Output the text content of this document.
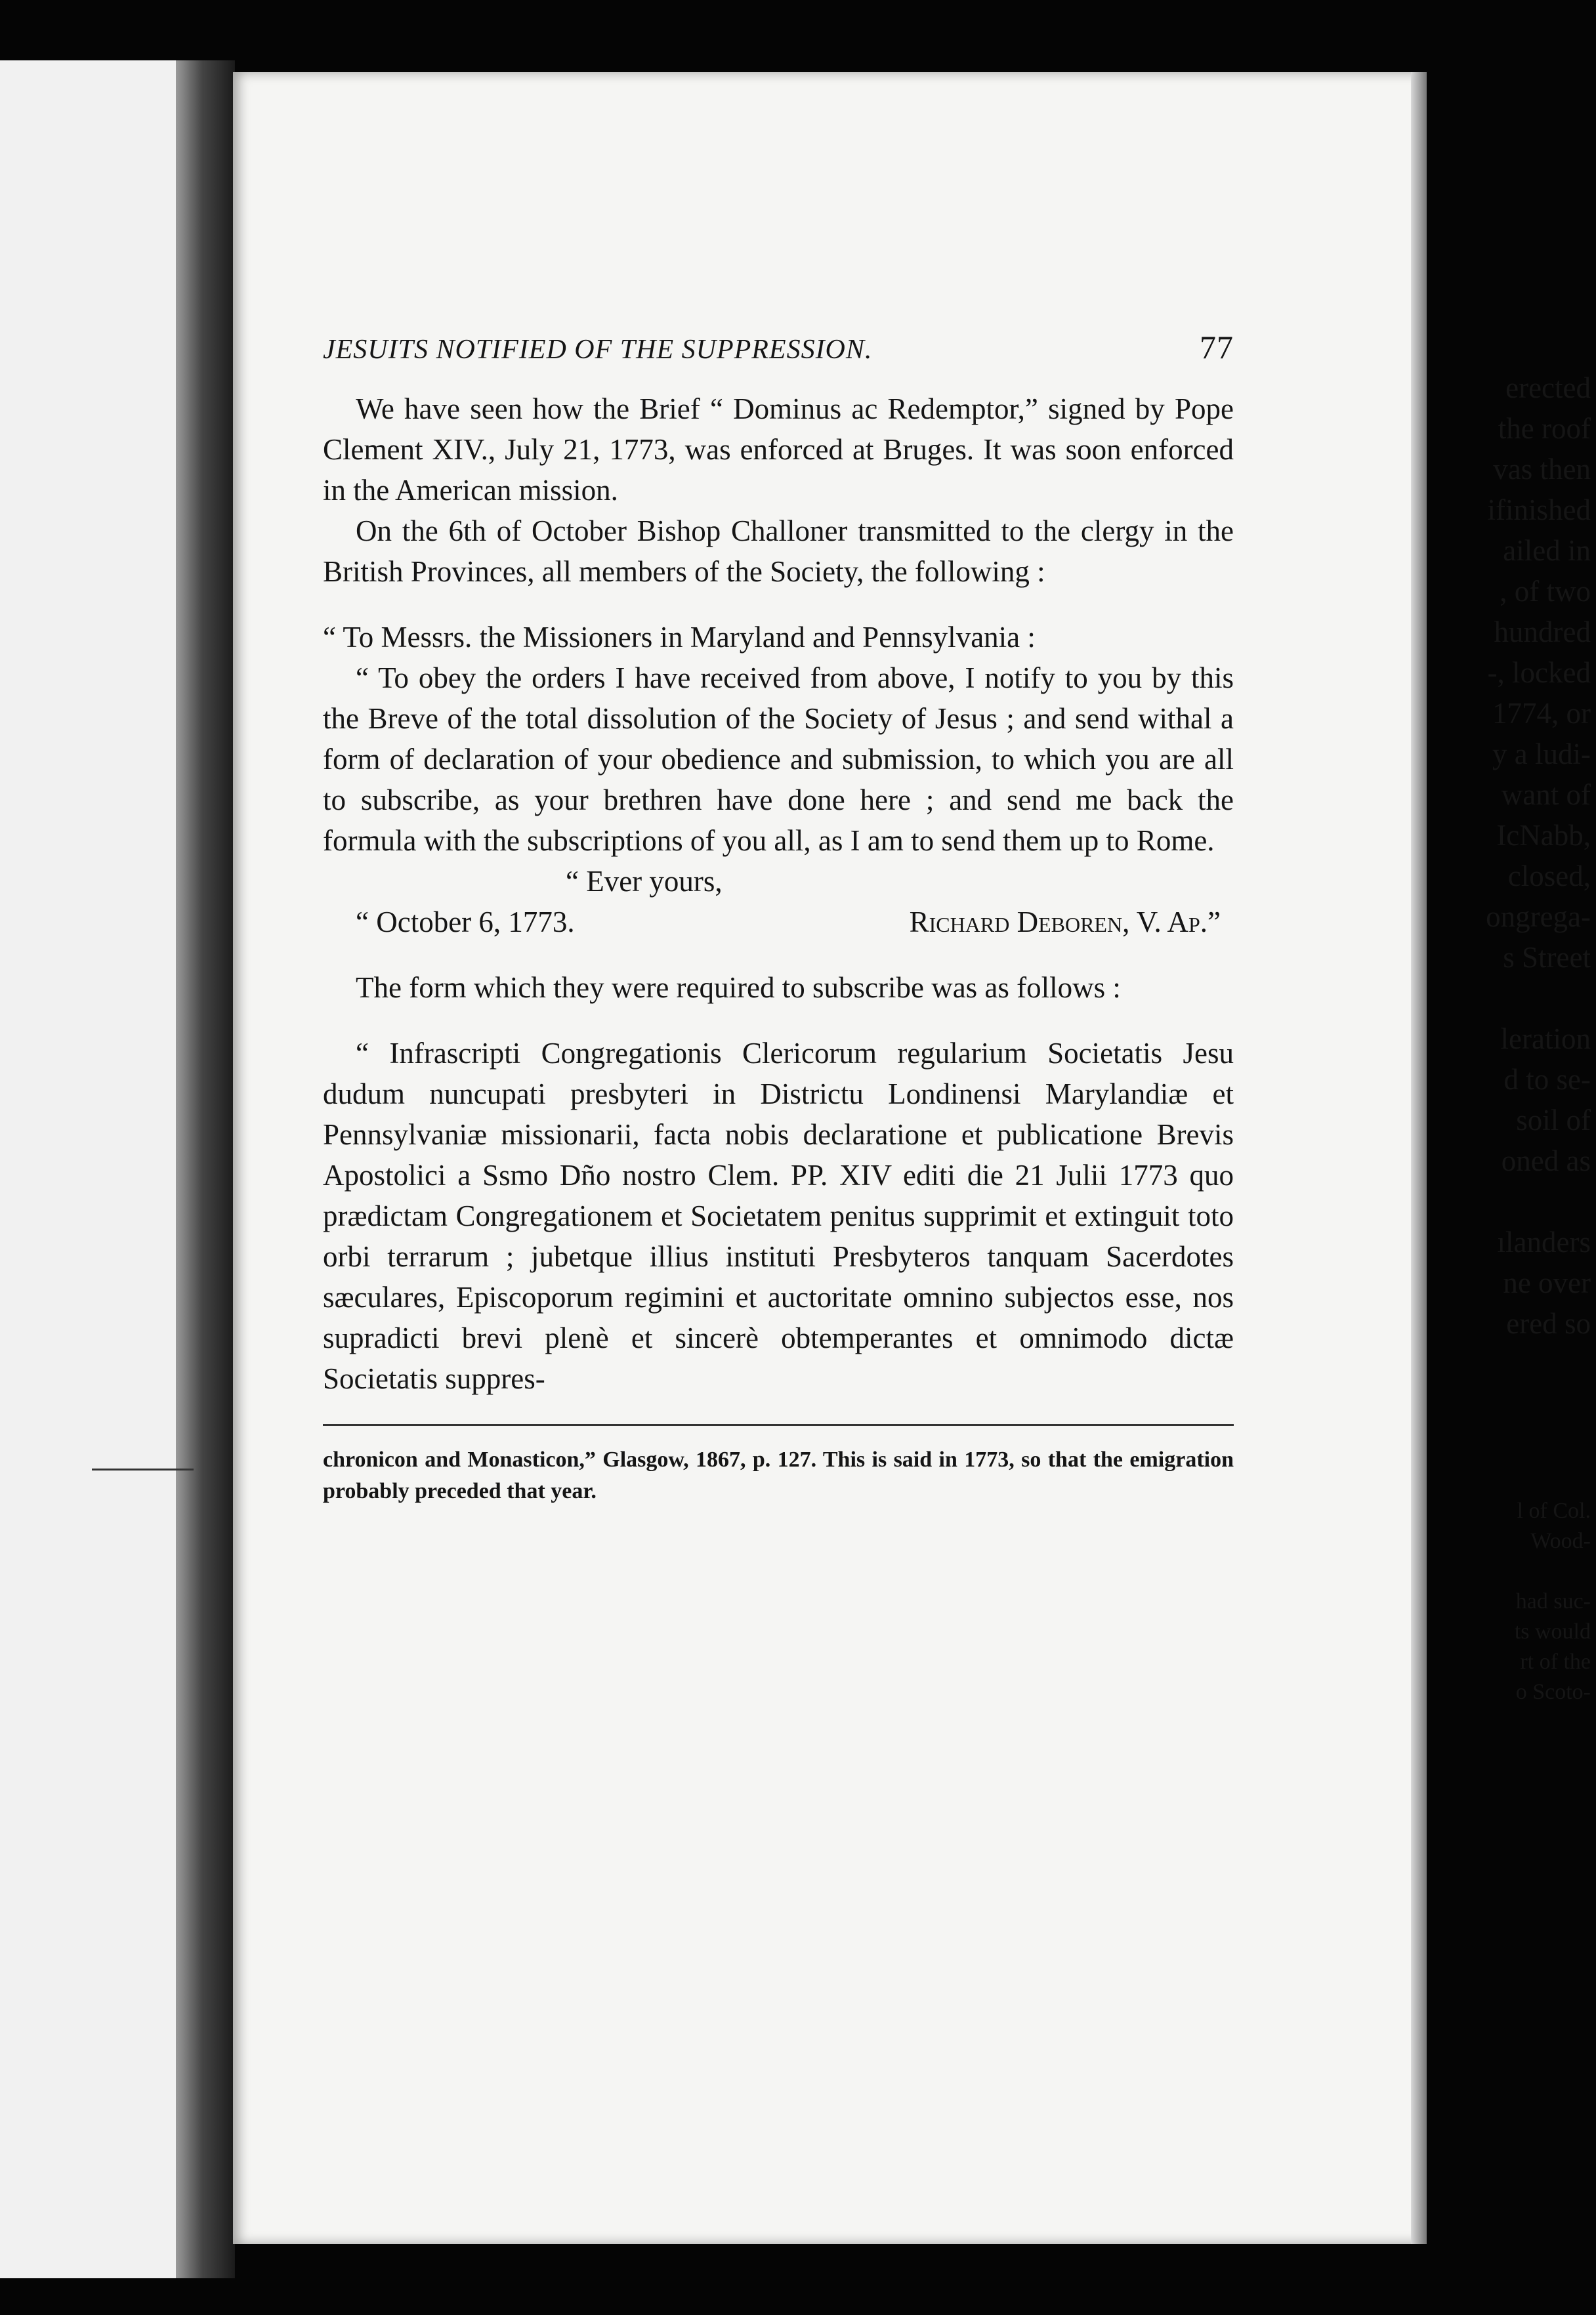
erected
the roof
vas then
ifinished
ailed in
, of two
hundred
-, locked
1774, or
y a ludi-
want of
IcNabb,
closed,
ongrega-
s Street

leration
d to se-
soil of
oned as

ılanders
ne over
ered so
l of Col.
Wood-

had suc-
ts would
rt of the
o Scoto-
JESUITS NOTIFIED OF THE SUPPRESSION.	77

We have seen how the Brief “ Dominus ac Redemptor,” signed by Pope Clement XIV., July 21, 1773, was enforced at Bruges. It was soon enforced in the American mission.

On the 6th of October Bishop Challoner transmitted to the clergy in the British Provinces, all members of the Society, the following :

“ To Messrs. the Missioners in Maryland and Pennsylvania :

“ To obey the orders I have received from above, I notify to you by this the Breve of the total dissolution of the Society of Jesus ; and send withal a form of declaration of your obedience and submission, to which you are all to subscribe, as your brethren have done here ; and send me back the formula with the subscriptions of you all, as I am to send them up to Rome.

“ Ever yours,

“ October 6, 1773.	Richard Deboren, V. Ap.”

The form which they were required to subscribe was as follows :

“ Infrascripti Congregationis Clericorum regularium Societatis Jesu dudum nuncupati presbyteri in Districtu Londinensi Marylandiæ et Pennsylvaniæ missionarii, facta nobis declaratione et publicatione Brevis Apostolici a Ssmo Dño nostro Clem. PP. XIV editi die 21 Julii 1773 quo prædictam Congregationem et Societatem penitus supprimit et extinguit toto orbi terrarum ; jubetque illius instituti Presbyteros tanquam Sacerdotes sæculares, Episcoporum regimini et auctoritate omnino subjectos esse, nos supradicti brevi plenè et sincerè obtemperantes et omnimodo dictæ Societatis suppres-

chronicon and Monasticon,” Glasgow, 1867, p. 127. This is said in 1773, so that the emigration probably preceded that year.
